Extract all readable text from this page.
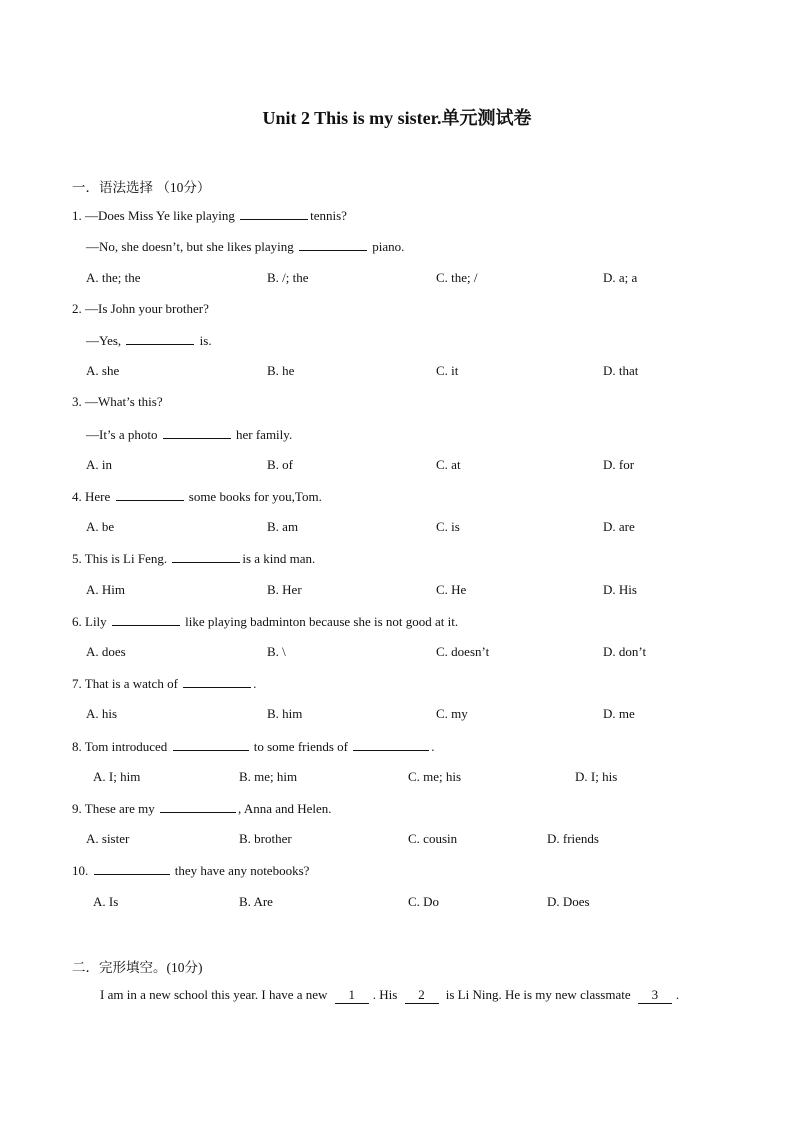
Unit 2 This is my sister.单元测试卷
一．语法选择 （10分）
1. —Does Miss Ye like playing	tennis?
—No, she doesn’t, but she likes playing	piano.
A. the; the	B. /; the	C. the; /	D. a; a
2. —Is John your brother?
—Yes,	is.
A. she	B. he	C. it	D. that
3. —What’s this?
—It’s a photo	her family.
A. in	B. of	C. at	D. for
4. Here	some books for you,Tom.
A. be	B. am	C. is	D. are
5. This is Li Feng.	is a kind man.
A. Him	B. Her	C. He	D. His
6. Lily	like playing badminton because she is not good at it.
A. does	B. \	C. doesn’t	D. don’t
7. That is a watch of	.
A. his	B. him	C. my	D. me
8. Tom introduced	to some friends of	.
A. I; him	B. me; him	C. me; his	D. I; his
9. These are my	, Anna and Helen.
A. sister	B. brother	C. cousin	D. friends
10.	they have any notebooks?
A. Is	B. Are	C. Do	D. Does
二．完形填空。(10分)
I am in a new school this year. I have a new 1 . His 2 is Li Ning. He is my new classmate 3 .
